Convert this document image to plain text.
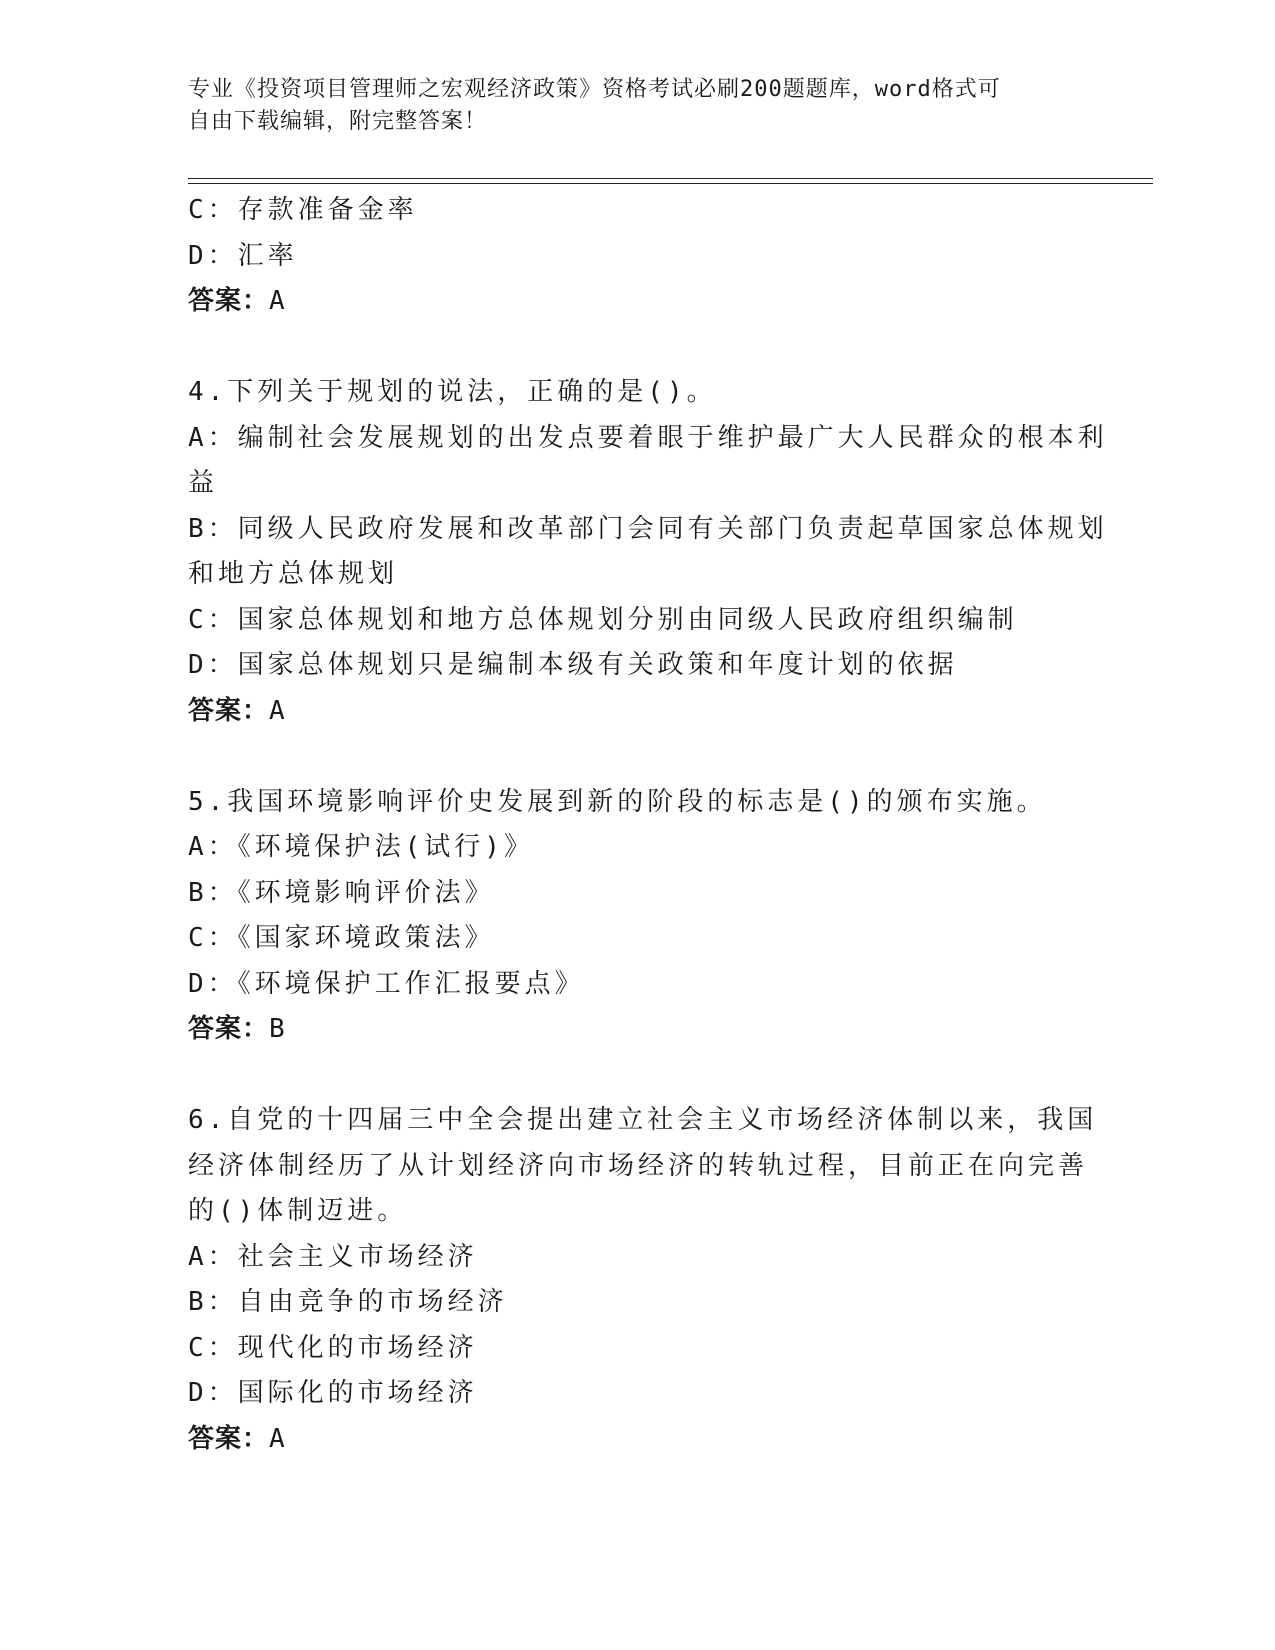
专业《投资项目管理师之宏观经济政策》资格考试必刷200题题库，word格式可
自由下载编辑，附完整答案！
C：存款准备金率
D：汇率
答案：A
4.下列关于规划的说法，正确的是()。
A：编制社会发展规划的出发点要着眼于维护最广大人民群众的根本利
益
B：同级人民政府发展和改革部门会同有关部门负责起草国家总体规划
和地方总体规划
C：国家总体规划和地方总体规划分别由同级人民政府组织编制
D：国家总体规划只是编制本级有关政策和年度计划的依据
答案：A
5.我国环境影响评价史发展到新的阶段的标志是()的颁布实施。
A：《环境保护法(试行)》
B：《环境影响评价法》
C：《国家环境政策法》
D：《环境保护工作汇报要点》
答案：B
6.自党的十四届三中全会提出建立社会主义市场经济体制以来，我国
经济体制经历了从计划经济向市场经济的转轨过程，目前正在向完善
的()体制迈进。
A：社会主义市场经济
B：自由竞争的市场经济
C：现代化的市场经济
D：国际化的市场经济
答案：A
